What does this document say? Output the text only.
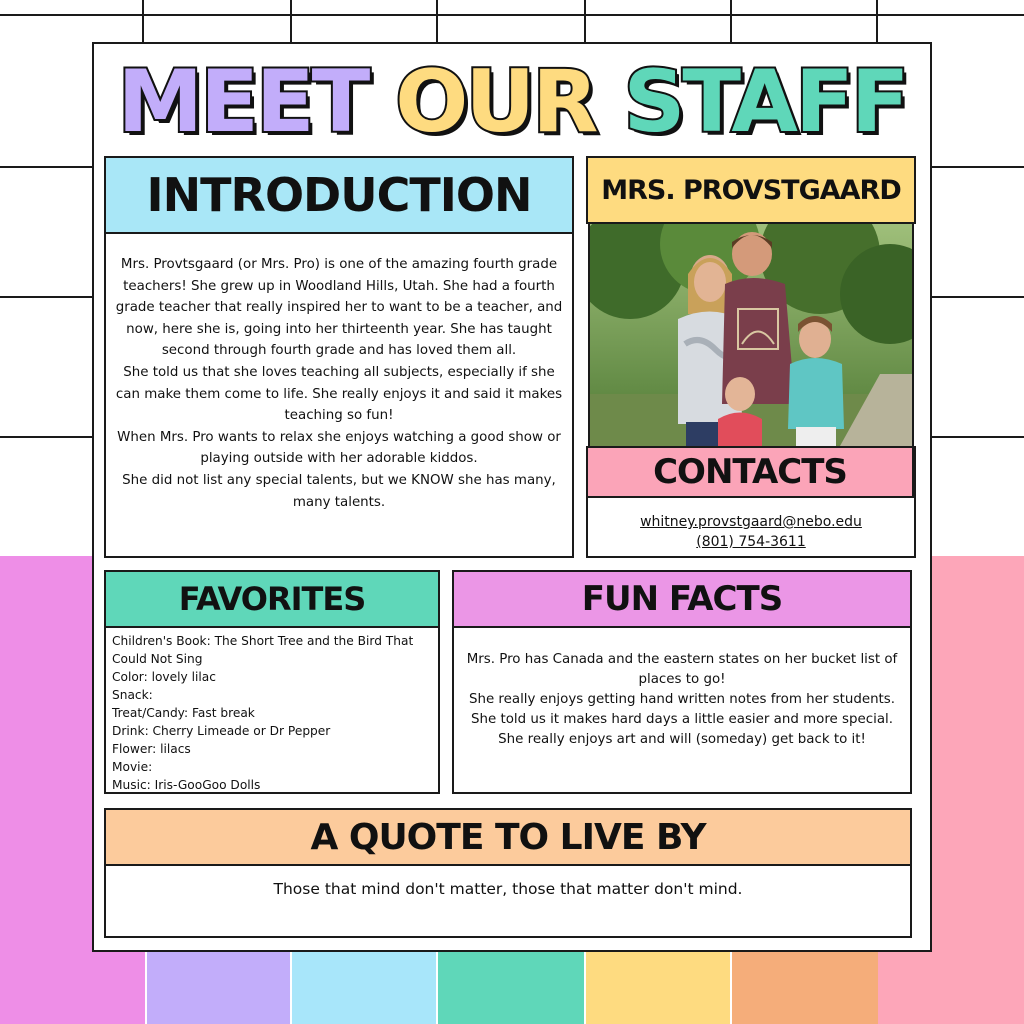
MEET OUR STAFF
INTRODUCTION

Mrs. Provtsgaard (or Mrs. Pro) is one of the amazing fourth grade teachers! She grew up in Woodland Hills, Utah. She had a fourth grade teacher that really inspired her to want to be a teacher, and now, here she is, going into her thirteenth year. She has taught second through fourth grade and has loved them all.

She told us that she loves teaching all subjects, especially if she can make them come to life. She really enjoys it and said it makes teaching so fun!

When Mrs. Pro wants to relax she enjoys watching a good show or playing outside with her adorable kiddos.

She did not list any special talents, but we KNOW she has many, many talents.

MRS. PROVSTGAARD
CONTACTS
whitney.provstgaard@nebo.edu
(801) 754-3611
FAVORITES
Children's Book: The Short Tree and the Bird That Could Not Sing
Color: lovely lilac
Snack:
Treat/Candy: Fast break
Drink: Cherry Limeade or Dr Pepper
Flower: lilacs
Movie:
Music: Iris-GooGoo Dolls
FUN FACTS

Mrs. Pro has Canada and the eastern states on her bucket list of places to go!

She really enjoys getting hand written notes from her students. She told us it makes hard days a little easier and more special.

She really enjoys art and will (someday) get back to it!

A QUOTE TO LIVE BY
Those that mind don't matter, those that matter don't mind.
